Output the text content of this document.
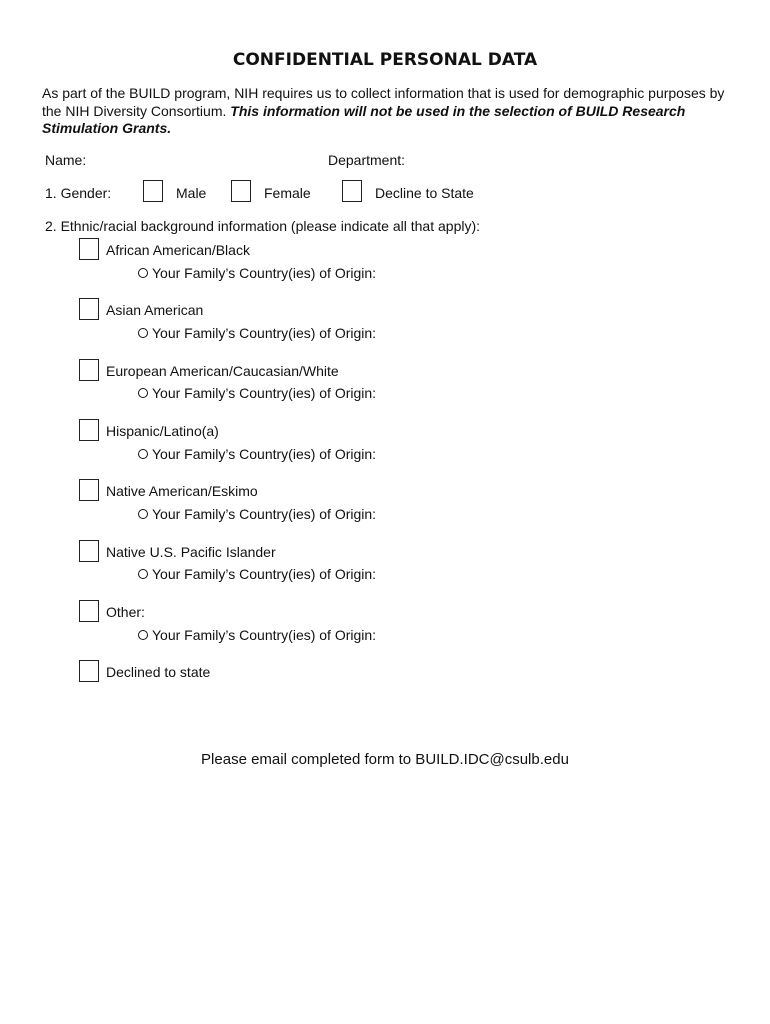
CONFIDENTIAL PERSONAL DATA
As part of the BUILD program, NIH requires us to collect information that is used for demographic purposes by the NIH Diversity Consortium. This information will not be used in the selection of BUILD Research Stimulation Grants.
Name:	Department:
1. Gender:	Male	Female	Decline to State
2. Ethnic/racial background information (please indicate all that apply):
African American/Black
Your Family’s Country(ies) of Origin:
Asian American
Your Family’s Country(ies) of Origin:
European American/Caucasian/White
Your Family’s Country(ies) of Origin:
Hispanic/Latino(a)
Your Family’s Country(ies) of Origin:
Native American/Eskimo
Your Family’s Country(ies) of Origin:
Native U.S. Pacific Islander
Your Family’s Country(ies) of Origin:
Other:
Your Family’s Country(ies) of Origin:
Declined to state
Please email completed form to BUILD.IDC@csulb.edu
